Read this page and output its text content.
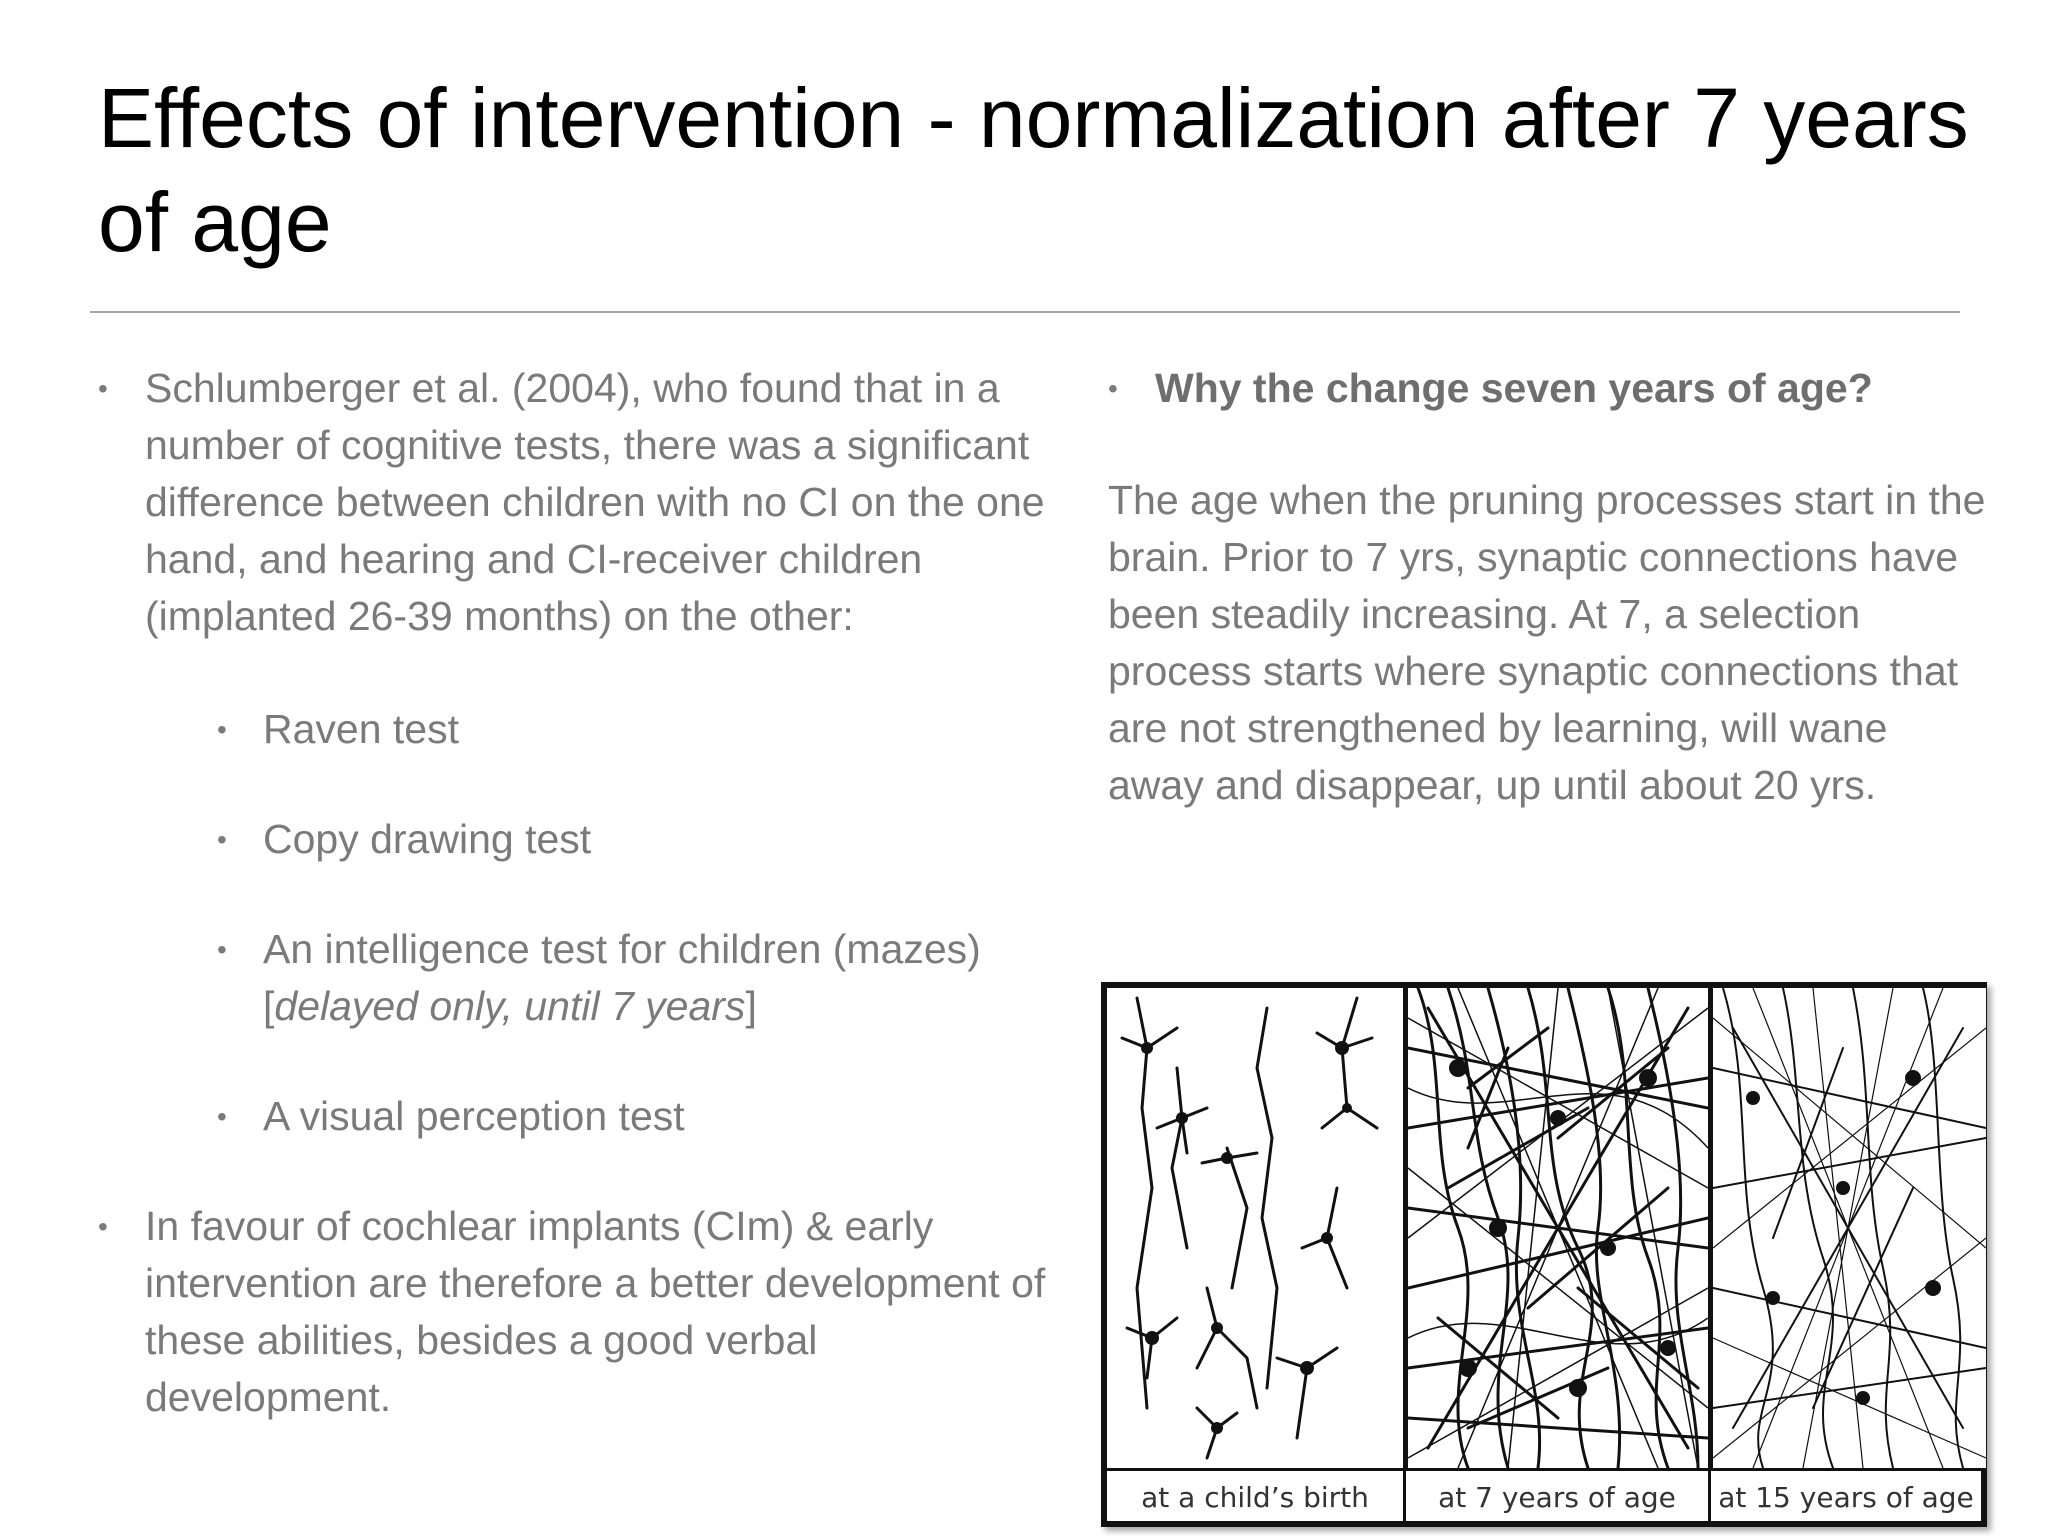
Effects of intervention - normalization after 7 years of age
• Schlumberger et al. (2004), who found that in a number of cognitive tests, there was a significant difference between children with no CI on the one hand, and hearing and CI-receiver children (implanted 26-39 months) on the other:
• Raven test
• Copy drawing test
• An intelligence test for children (mazes)
[delayed only, until 7 years]
• A visual perception test
• In favour of cochlear implants (CIm) & early intervention are therefore a better development of these abilities, besides a good verbal development.
• Why the change seven years of age?
The age when the pruning processes start in the brain. Prior to 7 yrs, synaptic connections have been steadily increasing. At 7, a selection process starts where synaptic connections that are not strengthened by learning, will wane away and disappear, up until about 20 yrs.
at a child’s birth	at 7 years of age	at 15 years of age
